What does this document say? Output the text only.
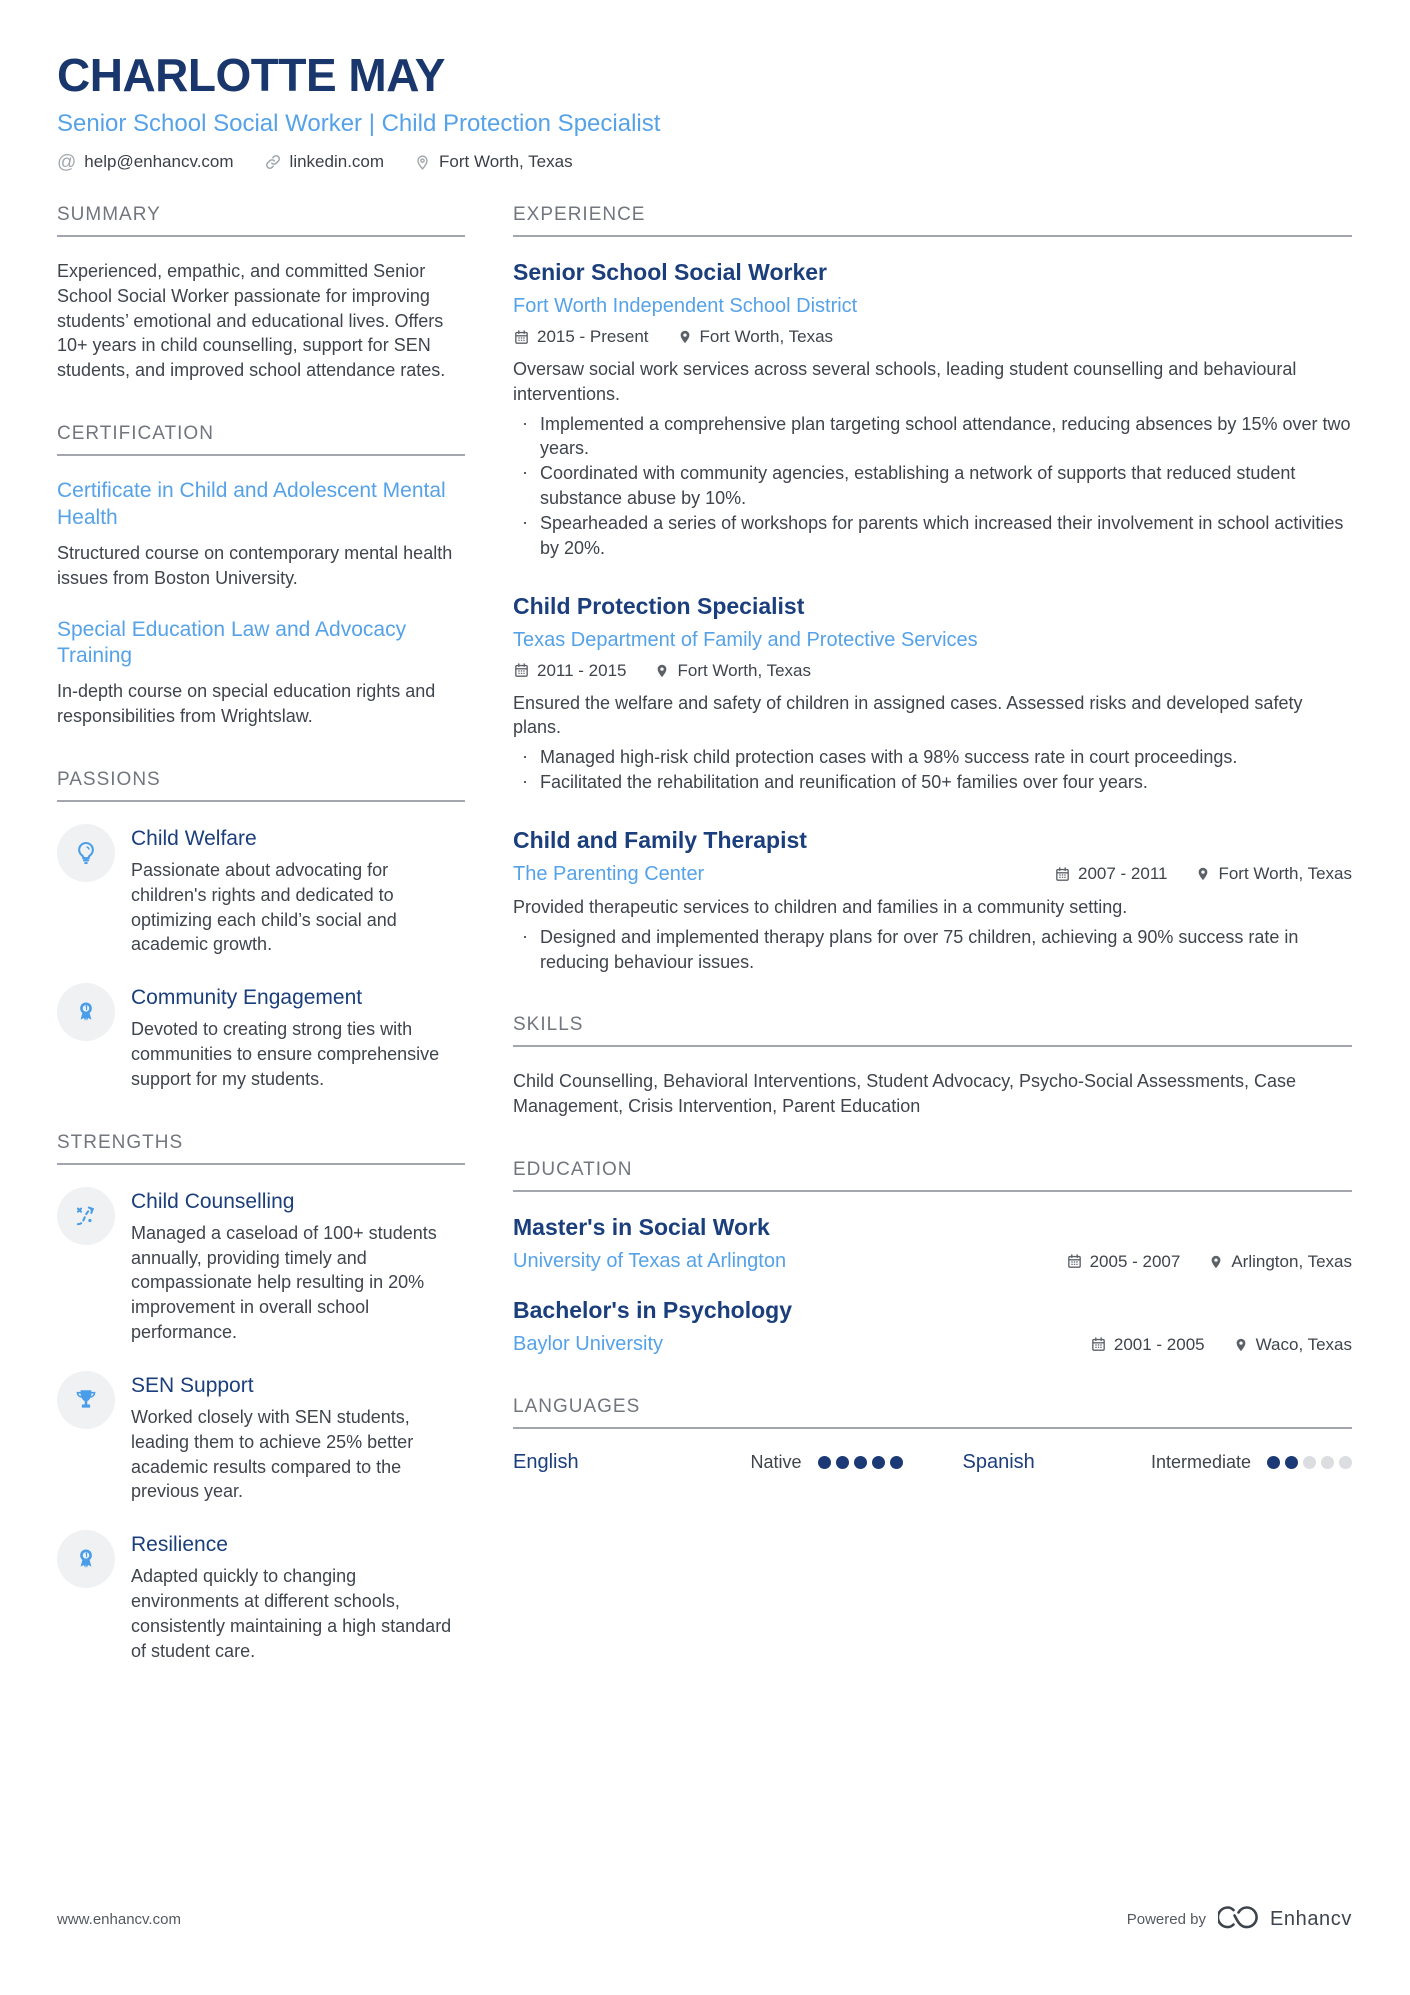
CHARLOTTE MAY
Senior School Social Worker | Child Protection Specialist
@ help@enhancv.com	linkedin.com	Fort Worth, Texas
SUMMARY
Experienced, empathic, and committed Senior School Social Worker passionate for improving students’ emotional and educational lives. Offers 10+ years in child counselling, support for SEN students, and improved school attendance rates.
CERTIFICATION
Certificate in Child and Adolescent Mental Health
Structured course on contemporary mental health issues from Boston University.
Special Education Law and Advocacy Training
In-depth course on special education rights and responsibilities from Wrightslaw.
PASSIONS
Child Welfare
Passionate about advocating for children's rights and dedicated to optimizing each child’s social and academic growth.
Community Engagement
Devoted to creating strong ties with communities to ensure comprehensive support for my students.
STRENGTHS
Child Counselling
Managed a caseload of 100+ students annually, providing timely and compassionate help resulting in 20% improvement in overall school performance.
SEN Support
Worked closely with SEN students, leading them to achieve 25% better academic results compared to the previous year.
Resilience
Adapted quickly to changing environments at different schools, consistently maintaining a high standard of student care.
EXPERIENCE
Senior School Social Worker
Fort Worth Independent School District
2015 - Present	Fort Worth, Texas
Oversaw social work services across several schools, leading student counselling and behavioural interventions.
· Implemented a comprehensive plan targeting school attendance, reducing absences by 15% over two years.
· Coordinated with community agencies, establishing a network of supports that reduced student substance abuse by 10%.
· Spearheaded a series of workshops for parents which increased their involvement in school activities by 20%.
Child Protection Specialist
Texas Department of Family and Protective Services
2011 - 2015	Fort Worth, Texas
Ensured the welfare and safety of children in assigned cases. Assessed risks and developed safety plans.
· Managed high-risk child protection cases with a 98% success rate in court proceedings.
· Facilitated the rehabilitation and reunification of 50+ families over four years.
Child and Family Therapist
The Parenting Center	2007 - 2011	Fort Worth, Texas
Provided therapeutic services to children and families in a community setting.
· Designed and implemented therapy plans for over 75 children, achieving a 90% success rate in reducing behaviour issues.
SKILLS
Child Counselling, Behavioral Interventions, Student Advocacy, Psycho-Social Assessments, Case Management, Crisis Intervention, Parent Education
EDUCATION
Master's in Social Work
University of Texas at Arlington	2005 - 2007	Arlington, Texas
Bachelor's in Psychology
Baylor University	2001 - 2005	Waco, Texas
LANGUAGES
English	Native	Spanish	Intermediate
www.enhancv.com	Powered by	Enhancv
